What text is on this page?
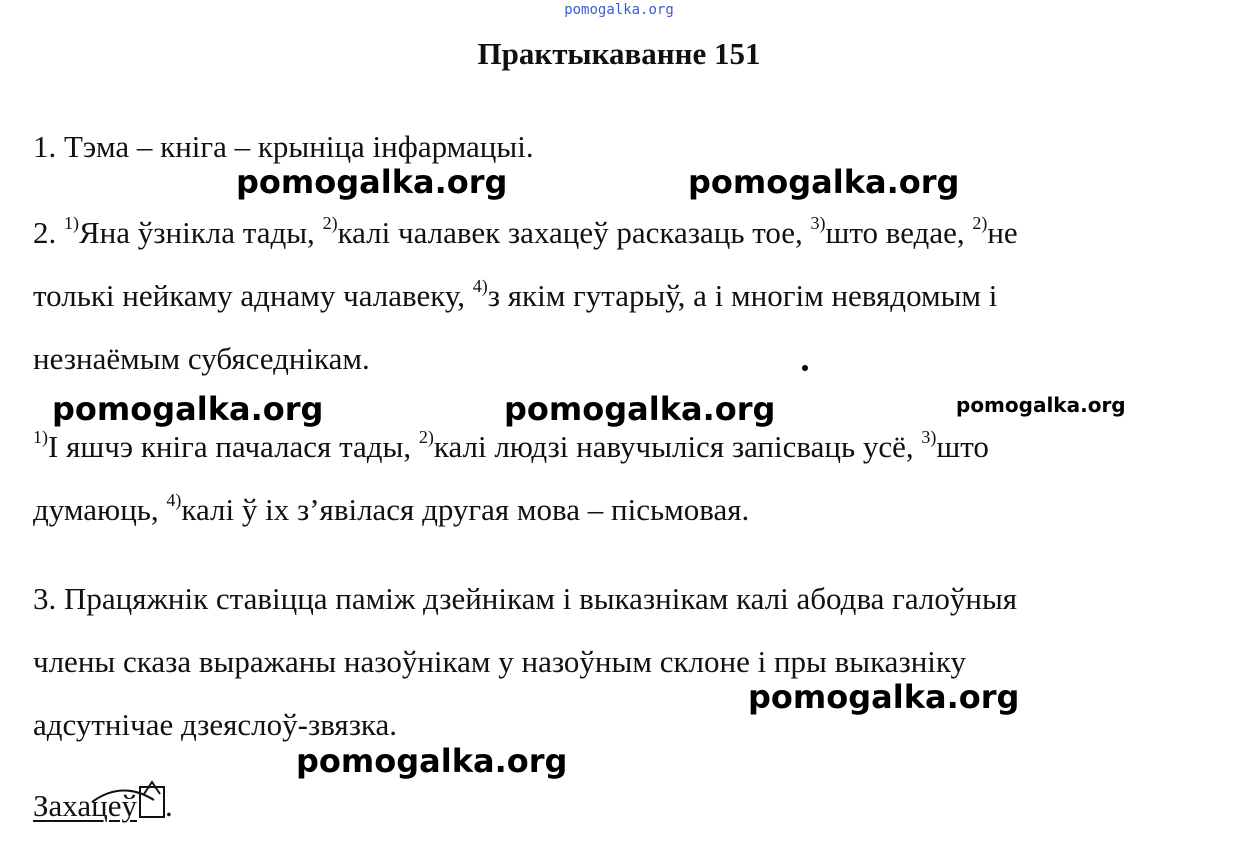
pomogalka.org
Практыкаванне 151
1. Тэма – кніга – крыніца інфармацыі.
2. $^{1)}$Яна ўзнікла тады, $^{2)}$калі чалавек захацеў расказаць тое, $^{3)}$што ведае, $^{2)}$не
толькі нейкаму аднаму чалавеку, $^{4)}$з якім гутарыў, а і многім невядомым і
незнаёмым субяседнікам.
$^{1)}$І яшчэ кніга пачалася тады, $^{2)}$калі людзі навучыліся запісваць усё, $^{3)}$што
думаюць, $^{4)}$калі ў іх з’явілася другая мова – пісьмовая.
3. Працяжнік ставіцца паміж дзейнікам і выказнікам калі абодва галоўныя
члены сказа выражаны назоўнікам у назоўным склоне і пры выказніку
адсутнічае дзеяслоў-звязка.
Захацеў .
pomogalka.org	pomogalka.org
pomogalka.org	pomogalka.org	pomogalka.org
pomogalka.org
pomogalka.org
